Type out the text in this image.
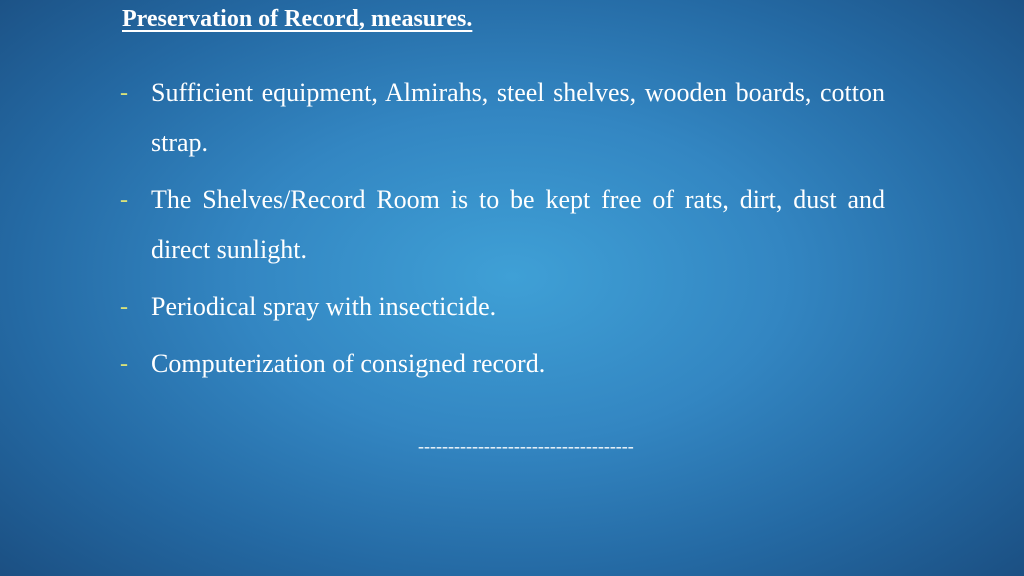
Preservation of Record, measures.
- Sufficient equipment, Almirahs, steel shelves, wooden boards, cotton strap.
- The Shelves/Record Room is to be kept free of rats, dirt, dust and direct sunlight.
- Periodical spray with insecticide.
- Computerization of consigned record.
------------------------------------
